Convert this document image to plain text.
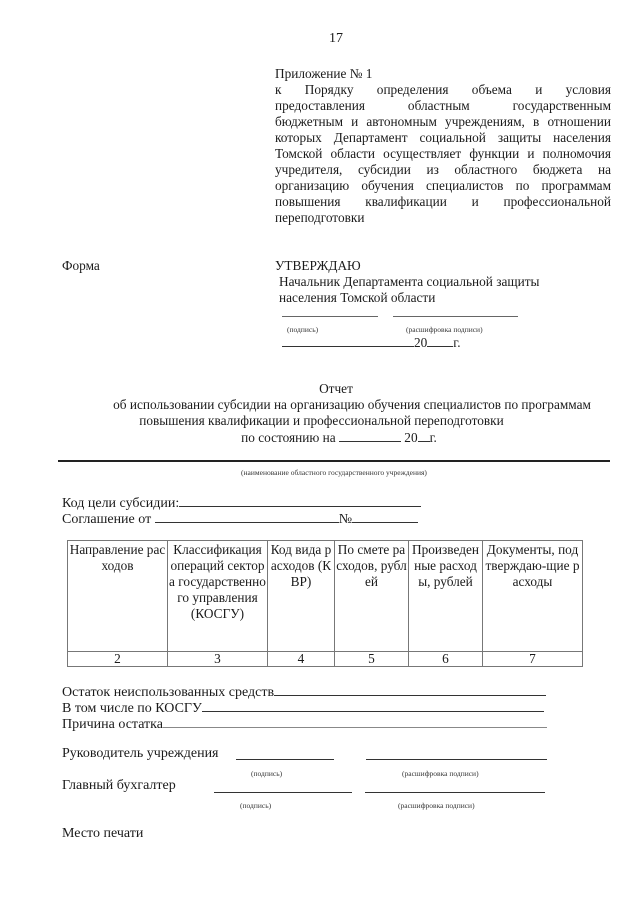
17
Приложение № 1
к Порядку определения объема и условия
предоставления областным государственным
бюджетным и автономным учреждениям, в отношении
которых Департамент социальной защиты населения
Томской области осуществляет функции и полномочия
учредителя, субсидии из областного бюджета на
организацию обучения специалистов по программам
повышения квалификации и профессиональной
переподготовки
Форма	УТВЕРЖДАЮ
Начальник Департамента социальной защиты
населения Томской области
(подпись)	(расшифровка подписи)
20 г.
Отчет
об использовании субсидии на организацию обучения специалистов по программам
повышения квалификации и профессиональной переподготовки
по состоянию на	20 г.
(наименование областного государственного учреждения)
Код цели субсидии:
Соглашение от	№
Направление расходов	Классификация операций сектора государственного управления (КОСГУ)	Код вида расходов (КВР)	По смете расходов, рублей	Произведенные расходы, рублей	Документы, подтверждаю-щие расходы
2	3	4	5	6	7
Остаток неиспользованных средств
В том числе по КОСГУ
Причина остатка
Руководитель учреждения
(подпись)	(расшифровка подписи)
Главный бухгалтер
(подпись)	(расшифровка подписи)
Место печати
